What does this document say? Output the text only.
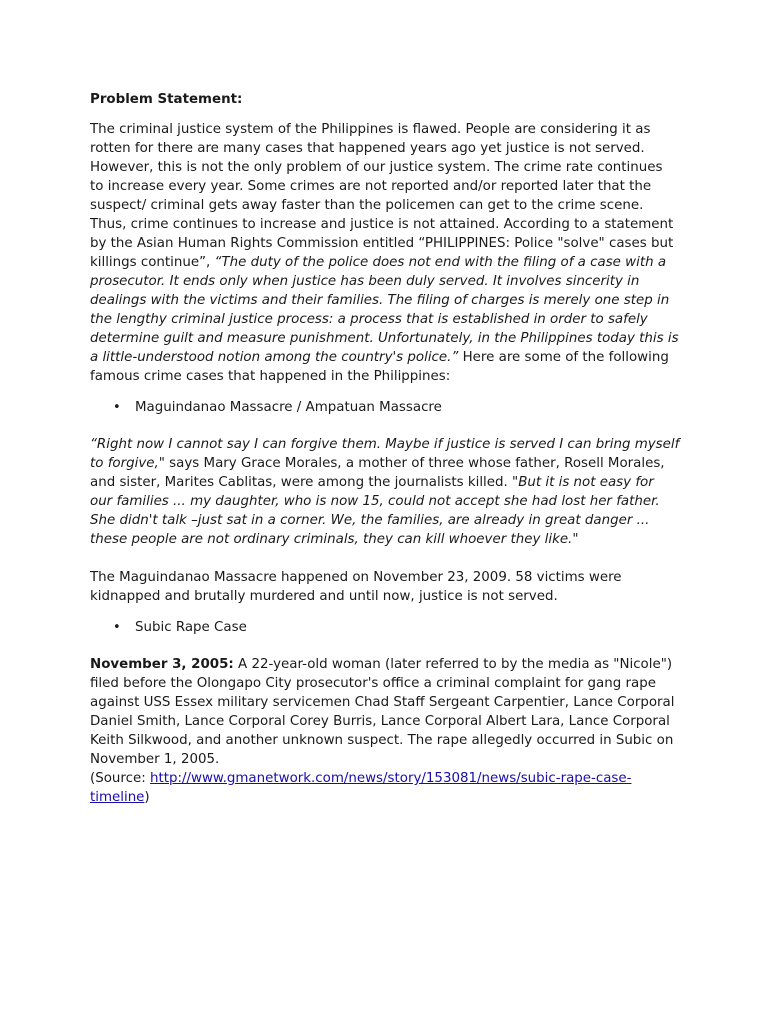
Problem Statement:

The criminal justice system of the Philippines is flawed. People are considering it as rotten for there are many cases that happened years ago yet justice is not served. However, this is not the only problem of our justice system. The crime rate continues to increase every year. Some crimes are not reported and/or reported later that the suspect/ criminal gets away faster than the policemen can get to the crime scene. Thus, crime continues to increase and justice is not attained. According to a statement by the Asian Human Rights Commission entitled “PHILIPPINES: Police "solve" cases but killings continue”, “The duty of the police does not end with the filing of a case with a prosecutor. It ends only when justice has been duly served. It involves sincerity in dealings with the victims and their families. The filing of charges is merely one step in the lengthy criminal justice process: a process that is established in order to safely determine guilt and measure punishment. Unfortunately, in the Philippines today this is a little-understood notion among the country's police.” Here are some of the following famous crime cases that happened in the Philippines:

• Maguindanao Massacre / Ampatuan Massacre

“Right now I cannot say I can forgive them. Maybe if justice is served I can bring myself to forgive," says Mary Grace Morales, a mother of three whose father, Rosell Morales, and sister, Marites Cablitas, were among the journalists killed. "But it is not easy for our families ... my daughter, who is now 15, could not accept she had lost her father. She didn't talk –just sat in a corner. We, the families, are already in great danger ... these people are not ordinary criminals, they can kill whoever they like."

The Maguindanao Massacre happened on November 23, 2009. 58 victims were kidnapped and brutally murdered and until now, justice is not served.

• Subic Rape Case

November 3, 2005: A 22-year-old woman (later referred to by the media as "Nicole") filed before the Olongapo City prosecutor's office a criminal complaint for gang rape against USS Essex military servicemen Chad Staff Sergeant Carpentier, Lance Corporal Daniel Smith, Lance Corporal Corey Burris, Lance Corporal Albert Lara, Lance Corporal Keith Silkwood, and another unknown suspect. The rape allegedly occurred in Subic on November 1, 2005.
(Source: http://www.gmanetwork.com/news/story/153081/news/subic-rape-case-timeline)
